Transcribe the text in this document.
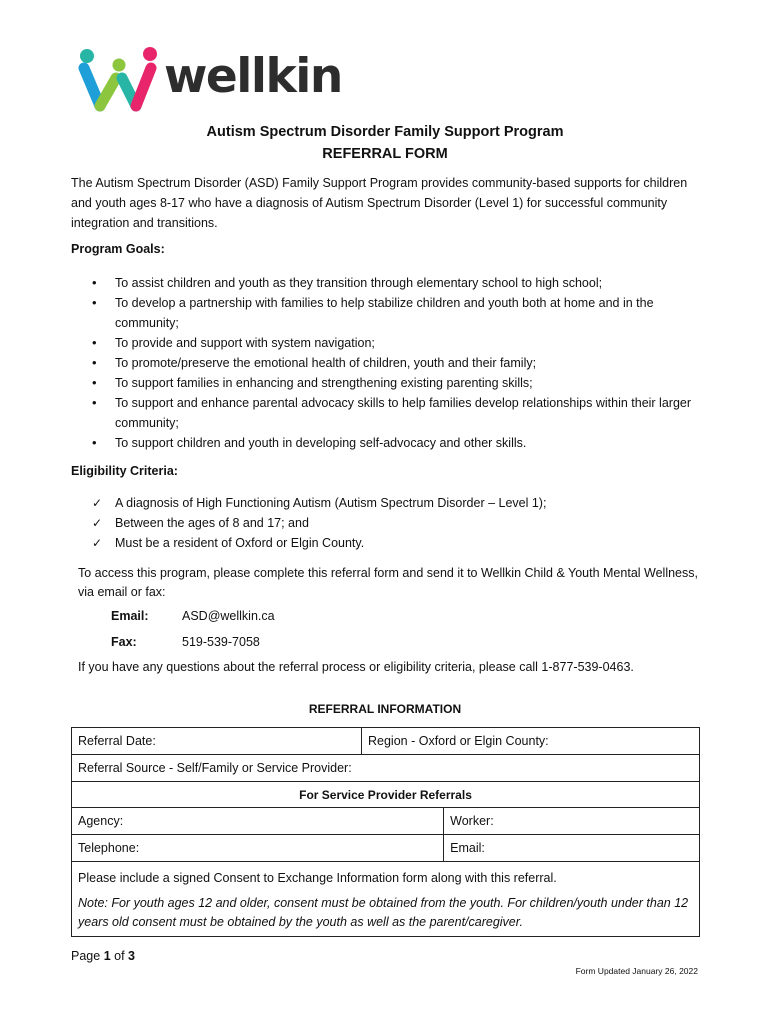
wellkin
Autism Spectrum Disorder Family Support Program
REFERRAL FORM

The Autism Spectrum Disorder (ASD) Family Support Program provides community-based supports for children and youth ages 8-17 who have a diagnosis of Autism Spectrum Disorder (Level 1) for successful community integration and transitions.

Program Goals:
• To assist children and youth as they transition through elementary school to high school;
• To develop a partnership with families to help stabilize children and youth both at home and in the community;
• To provide and support with system navigation;
• To promote/preserve the emotional health of children, youth and their family;
• To support families in enhancing and strengthening existing parenting skills;
• To support and enhance parental advocacy skills to help families develop relationships within their larger community;
• To support children and youth in developing self-advocacy and other skills.
Eligibility Criteria:
✓ A diagnosis of High Functioning Autism (Autism Spectrum Disorder – Level 1);
✓ Between the ages of 8 and 17; and
✓ Must be a resident of Oxford or Elgin County.

To access this program, please complete this referral form and send it to Wellkin Child & Youth Mental Wellness, via email or fax:

Email:	ASD@wellkin.ca
Fax:	519-539-7058

If you have any questions about the referral process or eligibility criteria, please call 1-877-539-0463.

REFERRAL INFORMATION
Referral Date:	Region - Oxford or Elgin County:	
Referral Source - Self/Family or Service Provider:		
For Service Provider Referrals		
Agency:		Worker:
Telephone:		Email:

Please include a signed Consent to Exchange Information form along with this referral.
Note: For youth ages 12 and older, consent must be obtained from the youth. For children/youth under than 12 years old consent must be obtained by the youth as well as the parent/caregiver.		
Page 1 of 3
Form Updated January 26, 2022
